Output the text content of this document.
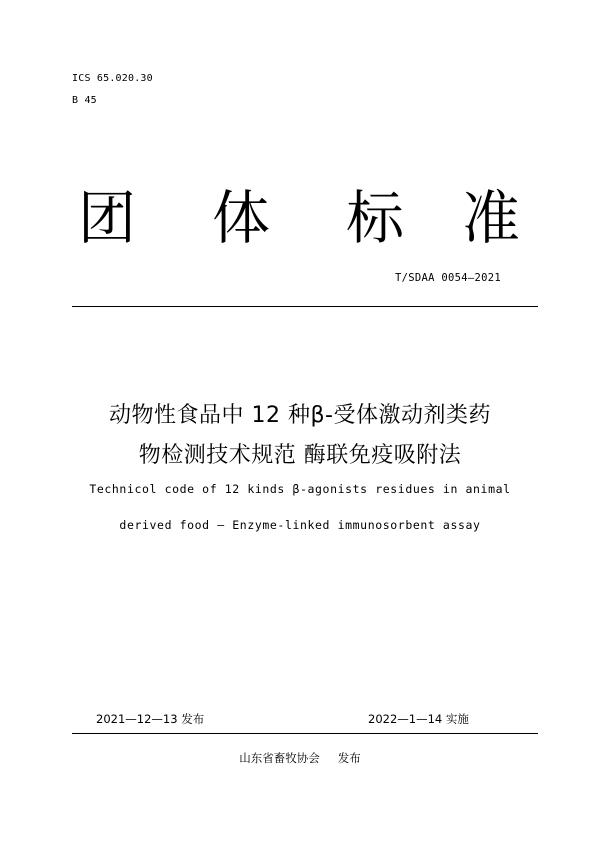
ICS 65.020.30
B 45
团 体 标 准
T/SDAA 0054—2021
动物性食品中 12 种β-受体激动剂类药
物检测技术规范 酶联免疫吸附法
Technicol code of 12 kinds β-agonists residues in animal
derived food — Enzyme-linked immunosorbent assay
2021—12—13 发布	2022—1—14 实施
山东省畜牧协会 发布
